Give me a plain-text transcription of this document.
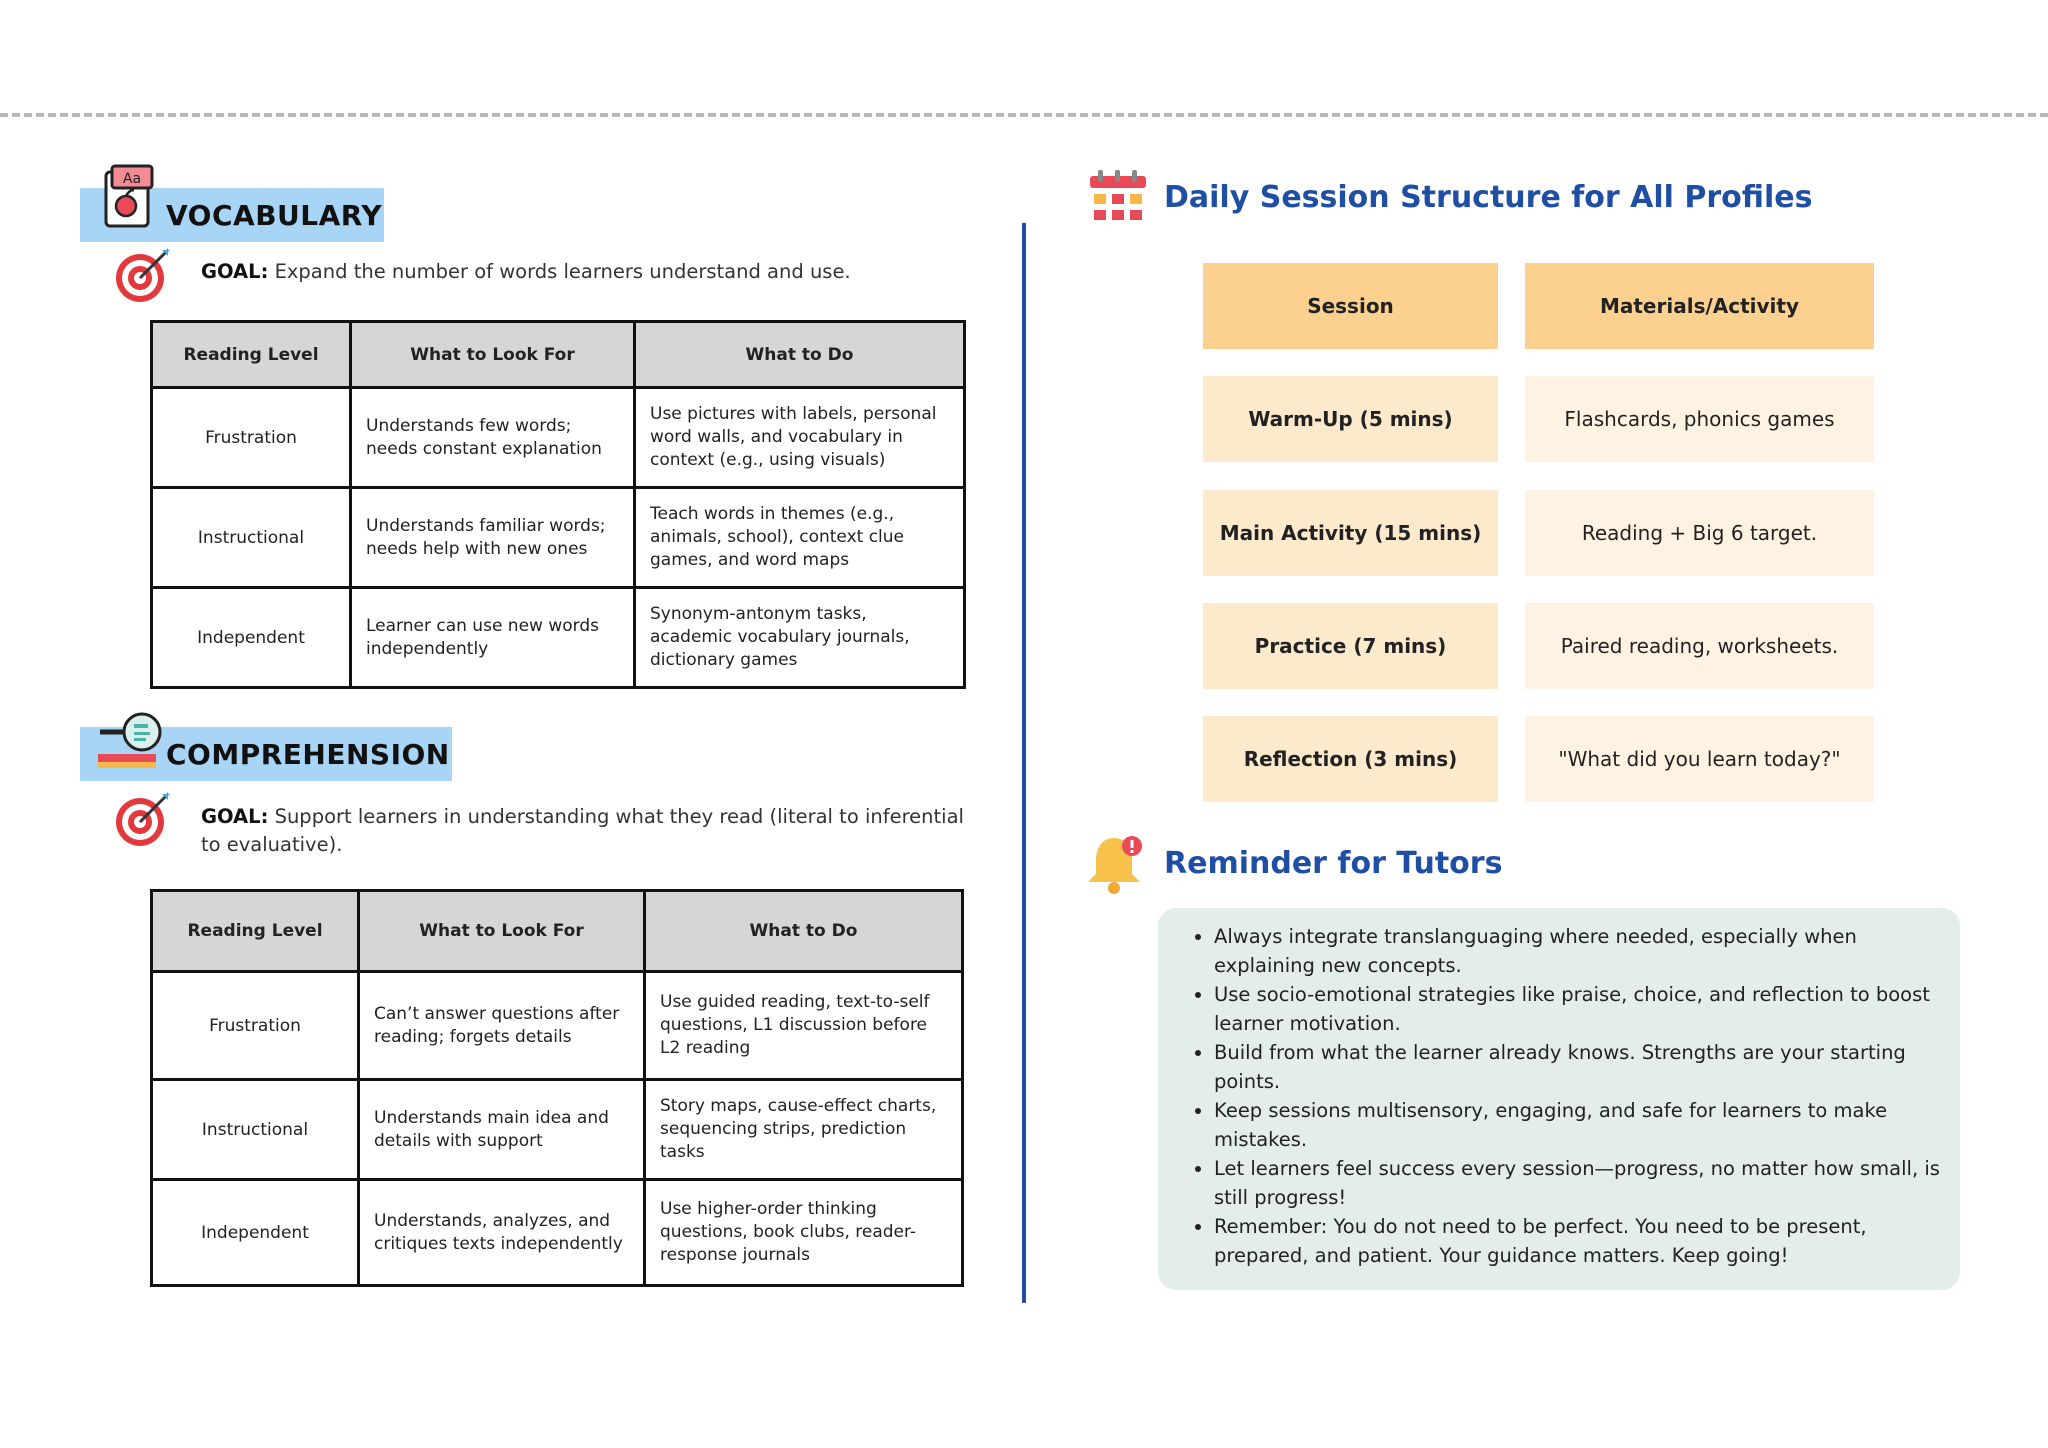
VOCABULARY
Aa
GOAL: Expand the number of words learners understand and use.
Reading Level	What to Look For	What to Do
Frustration	Understands few words; needs constant explanation	Use pictures with labels, personal word walls, and vocabulary in context (e.g., using visuals)
Instructional	Understands familiar words; needs help with new ones	Teach words in themes (e.g., animals, school), context clue games, and word maps
Independent	Learner can use new words independently	Synonym-antonym tasks, academic vocabulary journals, dictionary games
COMPREHENSION
GOAL: Support learners in understanding what they read (literal to inferential to evaluative).
Reading Level	What to Look For	What to Do
Frustration	Can’t answer questions after reading; forgets details	Use guided reading, text-to-self questions, L1 discussion before L2 reading
Instructional	Understands main idea and details with support	Story maps, cause-effect charts, sequencing strips, prediction tasks
Independent	Understands, analyzes, and critiques texts independently	Use higher-order thinking questions, book clubs, reader-response journals
Daily Session Structure for All Profiles
Session	Materials/Activity
Warm-Up (5 mins)	Flashcards, phonics games
Main Activity (15 mins)	Reading + Big 6 target.
Practice (7 mins)	Paired reading, worksheets.
Reflection (3 mins)	"What did you learn today?"
Reminder for Tutors
• Always integrate translanguaging where needed, especially when explaining new concepts.
• Use socio-emotional strategies like praise, choice, and reflection to boost learner motivation.
• Build from what the learner already knows. Strengths are your starting points.
• Keep sessions multisensory, engaging, and safe for learners to make mistakes.
• Let learners feel success every session—progress, no matter how small, is still progress!
• Remember: You do not need to be perfect. You need to be present, prepared, and patient. Your guidance matters. Keep going!
